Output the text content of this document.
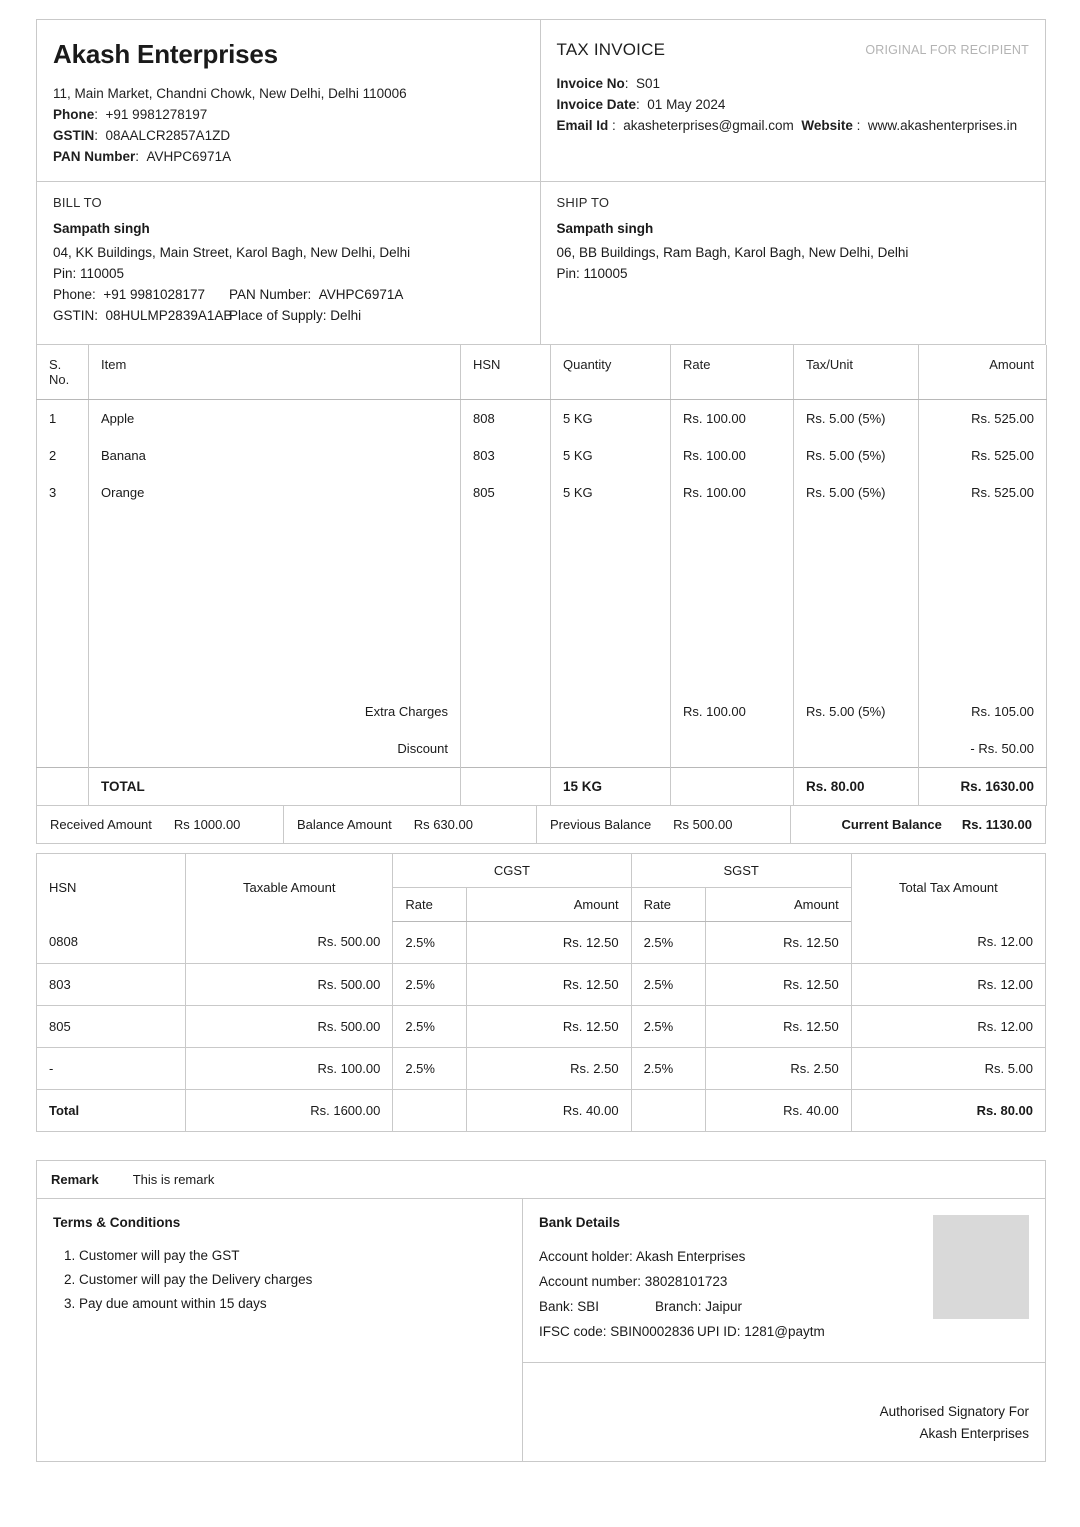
Akash Enterprises
11, Main Market, Chandni Chowk, New Delhi, Delhi 110006
Phone:  +91 9981278197
GSTIN:  08AALCR2857A1ZD
PAN Number:  AVHPC6971A
TAX INVOICE	ORIGINAL FOR RECIPIENT
Invoice No:  S01
Invoice Date:  01 May 2024
Email Id :  akasheterprises@gmail.com Website :  www.akashenterprises.in
BILL TO
Sampath singh
04, KK Buildings, Main Street, Karol Bagh, New Delhi, Delhi
Pin: 110005
Phone: +91 9981028177	PAN Number: AVHPC6971A
GSTIN: 08HULMP2839A1AB
Place of Supply: Delhi
SHIP TO
Sampath singh
06, BB Buildings, Ram Bagh, Karol Bagh, New Delhi, Delhi
Pin: 110005
S. No.	Item	HSN	Quantity	Rate	Tax/Unit	Amount
1	Apple	808	5 KG	Rs. 100.00	Rs. 5.00 (5%)	Rs. 525.00
2	Banana	803	5 KG	Rs. 100.00	Rs. 5.00 (5%)	Rs. 525.00
3	Orange	805	5 KG	Rs. 100.00	Rs. 5.00 (5%)	Rs. 525.00

	Extra Charges			Rs. 100.00	Rs. 5.00 (5%)	Rs. 105.00
	Discount					- Rs. 50.00
	TOTAL		15 KG		Rs. 80.00	Rs. 1630.00
Received Amount Rs 1000.00	Balance Amount Rs 630.00	Previous Balance Rs 500.00	Current Balance Rs. 1130.00
HSN	Taxable Amount	CGST		SGST		Total Tax Amount
		Rate	Amount	Rate	Amount	
0808	Rs. 500.00	2.5%	Rs. 12.50	2.5%	Rs. 12.50	Rs. 12.00
803	Rs. 500.00	2.5%	Rs. 12.50	2.5%	Rs. 12.50	Rs. 12.00
805	Rs. 500.00	2.5%	Rs. 12.50	2.5%	Rs. 12.50	Rs. 12.00
-	Rs. 100.00	2.5%	Rs. 2.50	2.5%	Rs. 2.50	Rs. 5.00
Total	Rs. 1600.00		Rs. 40.00		Rs. 40.00	Rs. 80.00
Remark	This is remark
Terms & Conditions
1. Customer will pay the GST
2. Customer will pay the Delivery charges
3. Pay due amount within 15 days
Bank Details
Account holder: Akash Enterprises
Account number: 38028101723
Bank: SBI	Branch: Jaipur
IFSC code: SBIN0002836 UPI ID: 1281@paytm
Authorised Signatory For
Akash Enterprises
